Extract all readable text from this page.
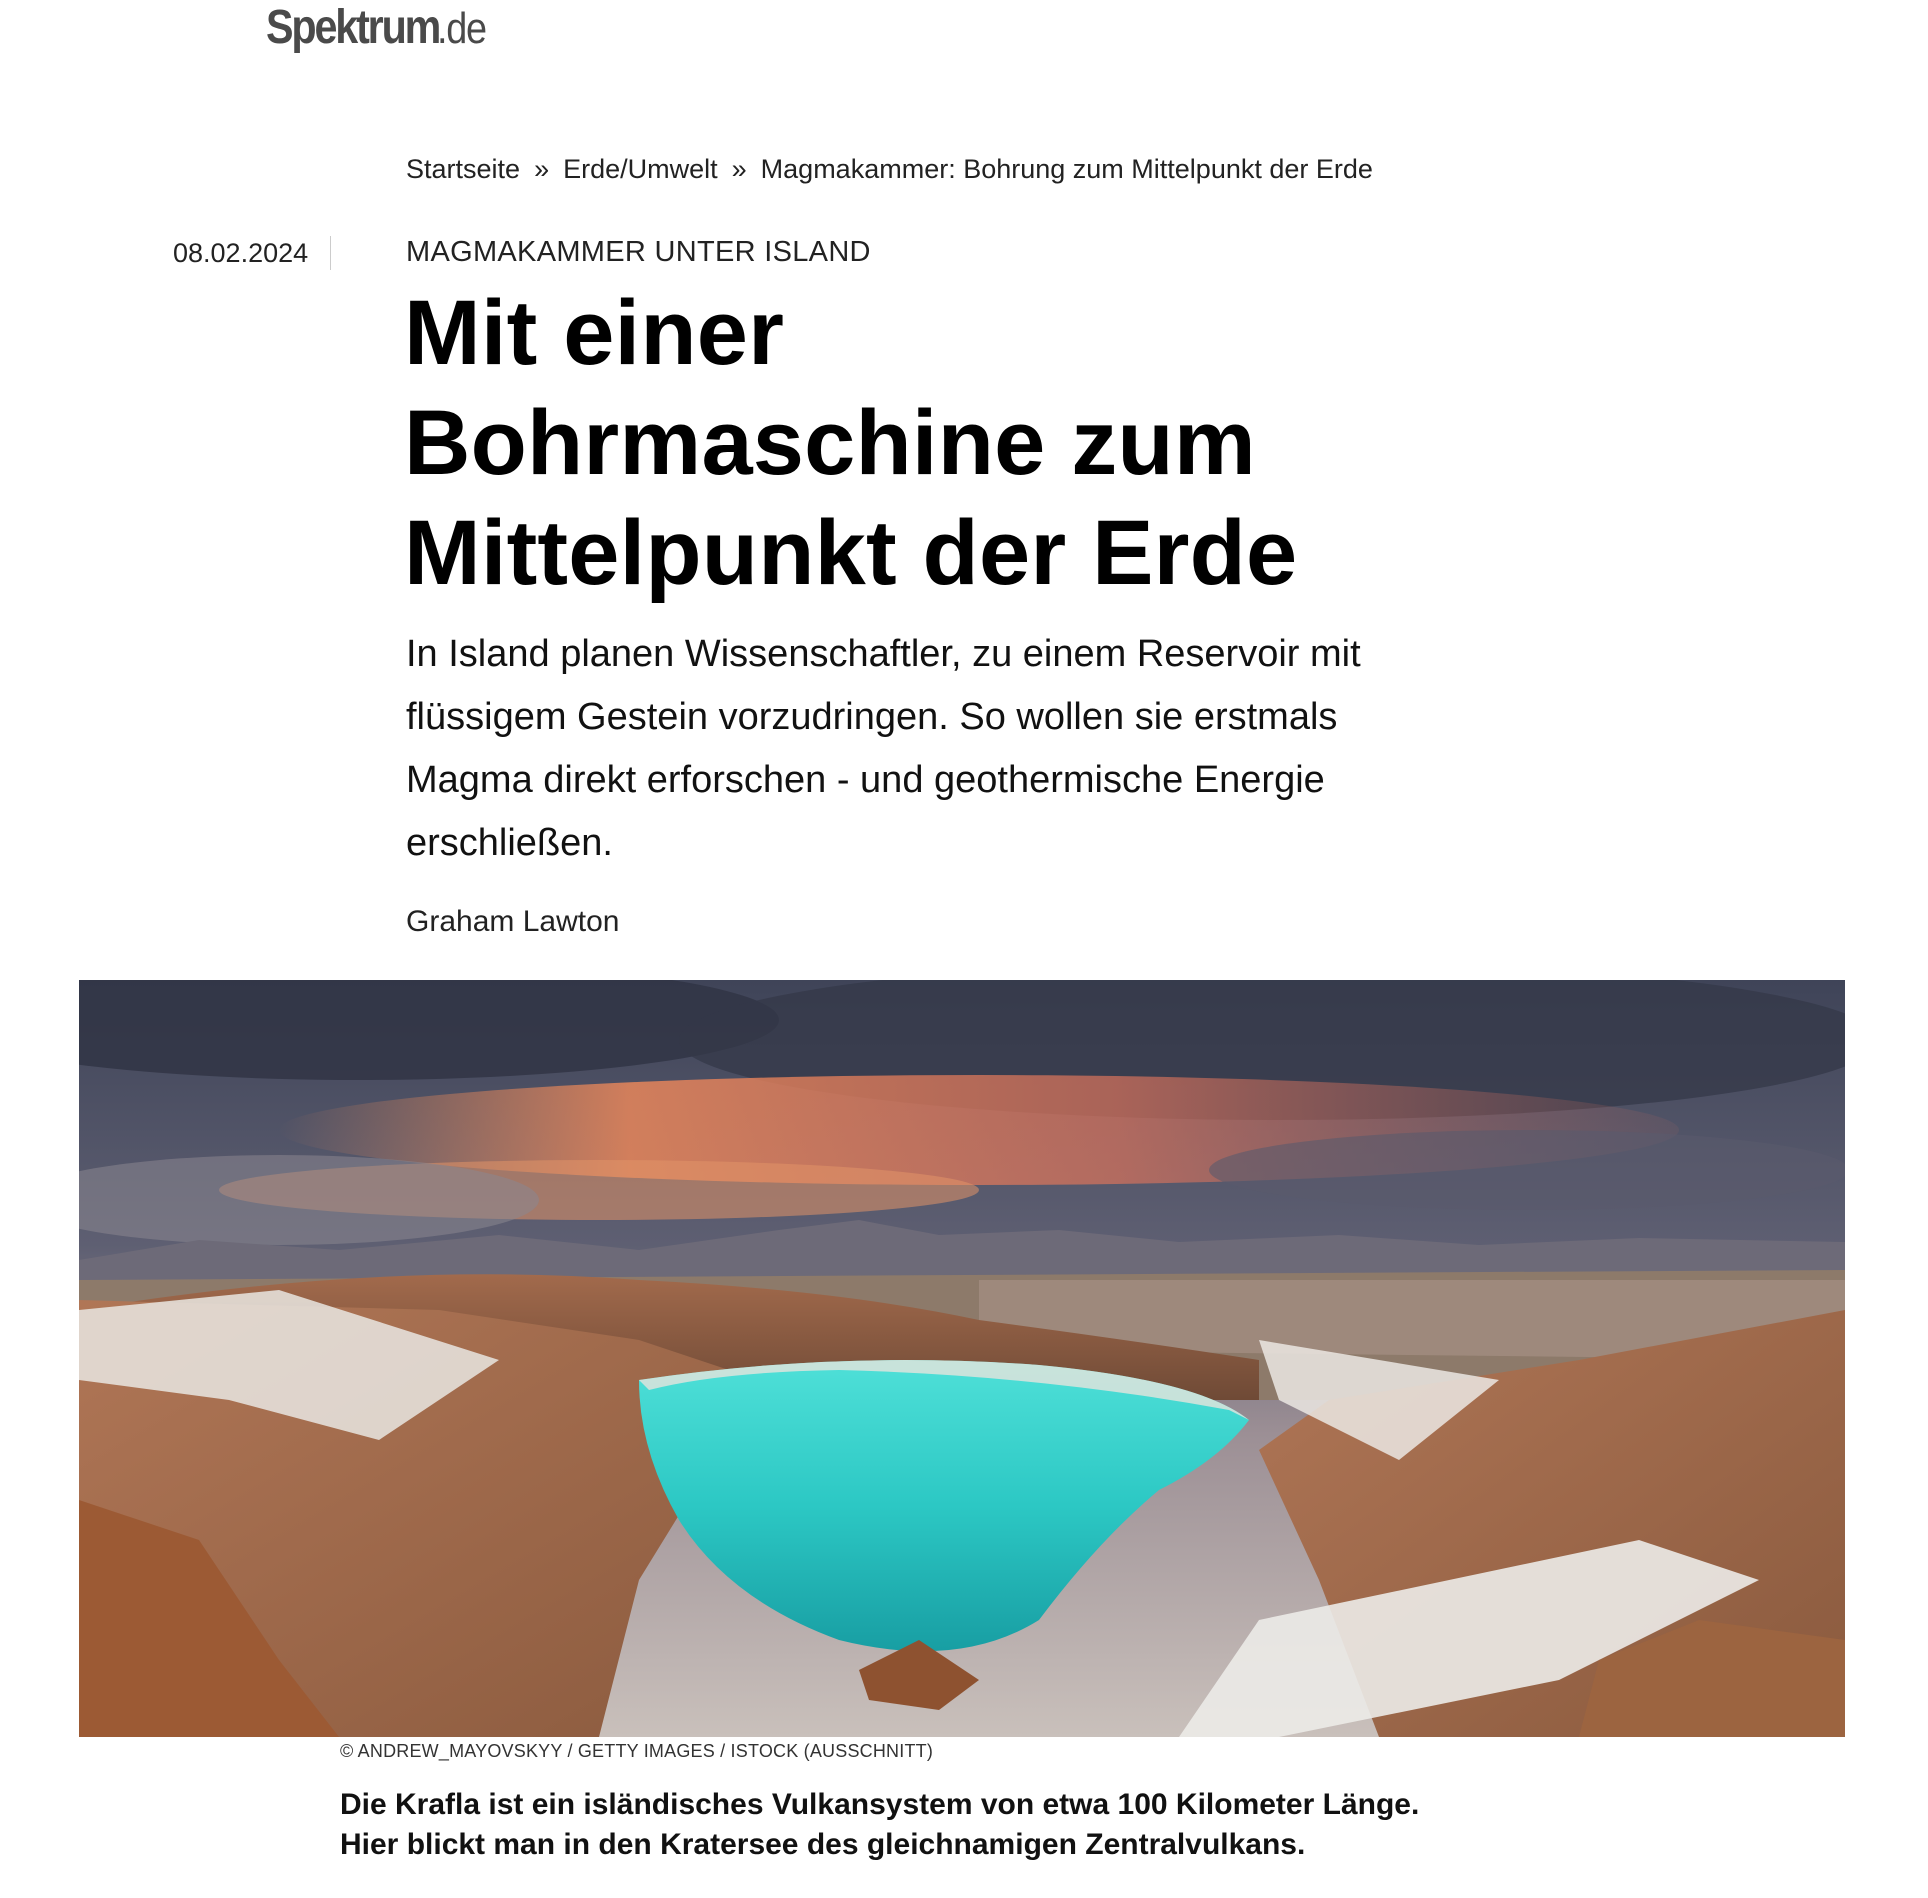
Spektrum
.de
Startseite » Erde/Umwelt » Magmakammer: Bohrung zum Mittelpunkt der Erde
08.02.2024	MAGMAKAMMER UNTER ISLAND
Mit einer
Bohrmaschine zum
Mittelpunkt der Erde

In Island planen Wissenschaftler, zu einem Reservoir mit
flüssigem Gestein vorzudringen. So wollen sie erstmals
Magma direkt erforschen - und geothermische Energie
erschließen.

Graham Lawton
© ANDREW_MAYOVSKYY / GETTY IMAGES / ISTOCK (AUSSCHNITT)

Die Krafla ist ein isländisches Vulkansystem von etwa 100 Kilometer Länge.
Hier blickt man in den Kratersee des gleichnamigen Zentralvulkans.
